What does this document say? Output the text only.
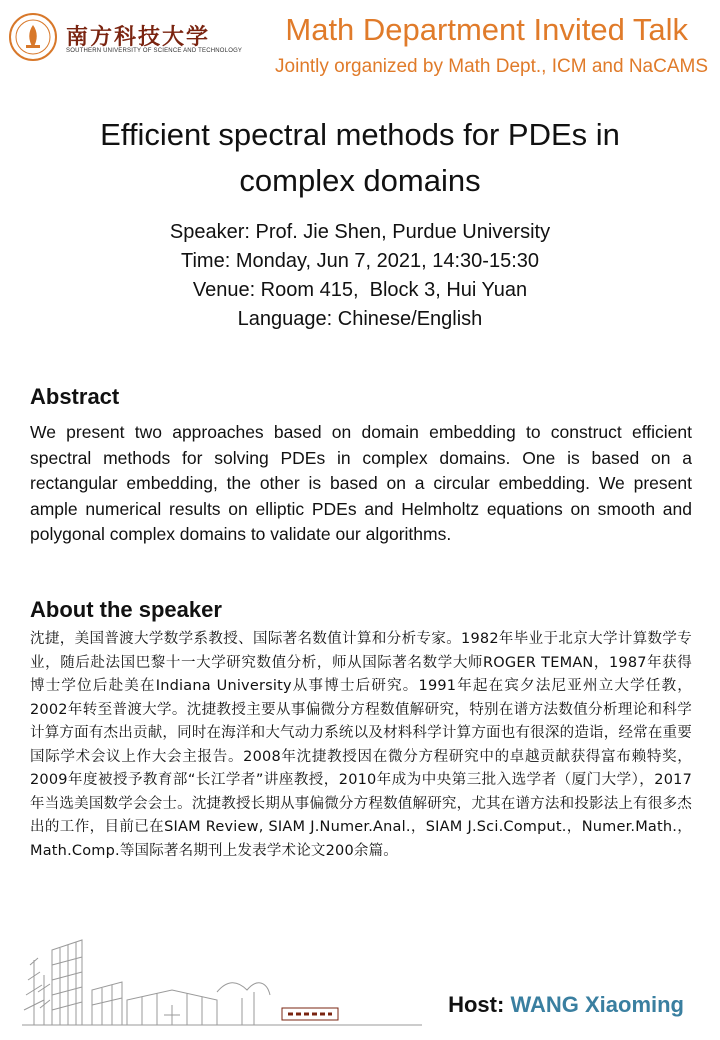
南方科技大学
SOUTHERN UNIVERSITY OF SCIENCE AND TECHNOLOGY
Math Department Invited Talk
Jointly organized by Math Dept., ICM and NaCAMS
Efficient spectral methods for PDEs in
complex domains
Speaker: Prof. Jie Shen, Purdue University
Time: Monday, Jun 7, 2021, 14:30-15:30
Venue: Room 415,  Block 3, Hui Yuan
Language: Chinese/English
Abstract
We present two approaches based on domain embedding to construct efficient spectral methods for solving PDEs in complex domains. One is based on a rectangular embedding, the other is based on a circular embedding. We present ample numerical results on elliptic PDEs and Helmholtz equations on smooth and polygonal complex domains to validate our algorithms.
About the speaker
沈捷，美国普渡大学数学系教授、国际著名数值计算和分析专家。1982年毕业于北京大学计算数学专业，随后赴法国巴黎十一大学研究数值分析，师从国际著名数学大师ROGER TEMAN，1987年获得博士学位后赴美在Indiana University从事博士后研究。1991年起在宾夕法尼亚州立大学任教，2002年转至普渡大学。沈捷教授主要从事偏微分方程数值解研究，特别在谱方法数值分析理论和科学计算方面有杰出贡献，同时在海洋和大气动力系统以及材料科学计算方面也有很深的造诣，经常在重要国际学术会议上作大会主报告。2008年沈捷教授因在微分方程研究中的卓越贡献获得富布赖特奖，2009年度被授予教育部“长江学者”讲座教授，2010年成为中央第三批入选学者（厦门大学），2017年当选美国数学会会士。沈捷教授长期从事偏微分方程数值解研究，尤其在谱方法和投影法上有很多杰出的工作，目前已在SIAM Review, SIAM J.Numer.Anal.，SIAM J.Sci.Comput.，Numer.Math.，Math.Comp.等国际著名期刊上发表学术论文200余篇。
Host: WANG Xiaoming
